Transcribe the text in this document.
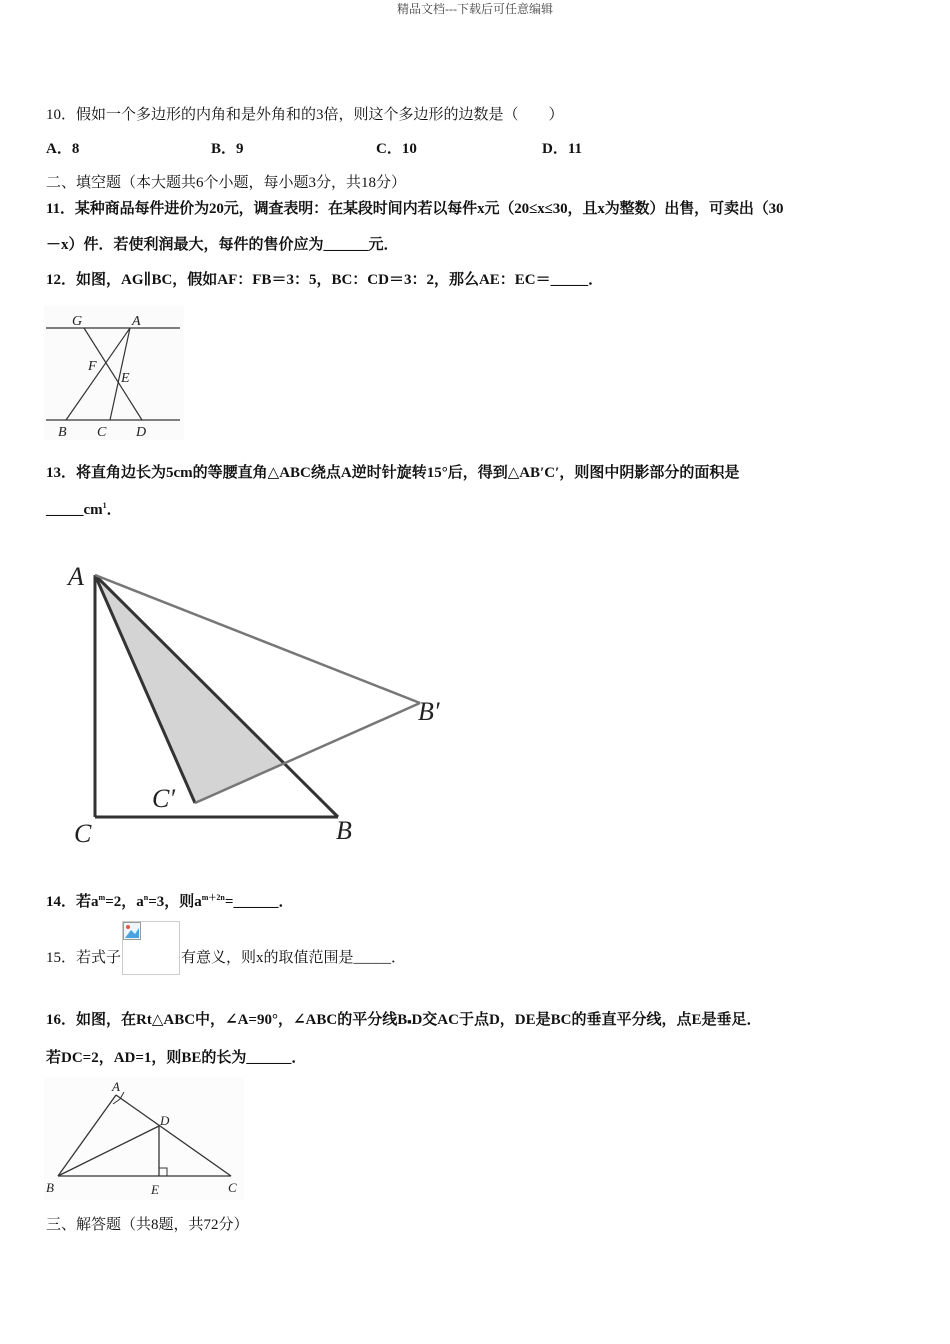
精品文档---下载后可任意编辑
10．假如一个多边形的内角和是外角和的3倍，则这个多边形的边数是（　　）
A．8	B．9	C．10	D．11
二、填空题（本大题共6个小题，每小题3分，共18分）
11．某种商品每件进价为20元，调查表明：在某段时间内若以每件x元（20≤x≤30，且x为整数）出售，可卖出（30
－x）件．若使利润最大，每件的售价应为______元．
12．如图，AG∥BC，假如AF：FB＝3：5，BC：CD＝3：2，那么AE：EC＝_____．
G	A
F
E
B C D
13．将直角边长为5cm的等腰直角△ABC绕点A逆时针旋转15°后，得到△AB′C′，则图中阴影部分的面积是
$\_\_\_\_\_cm^1$．
A
B′
C′
C	B
14．若$a^m=2$，$a^n=3$，则$a^{m+2n}=\_\_\_\_\_\_$．
15．若式子	有意义，则x的取值范围是_____．
16．如图，在Rt△ABC中，∠A=90°，∠ABC的平分线B■D交AC于点D，DE是BC的垂直平分线，点E是垂足．
若DC=2，AD=1，则BE的长为______．
A
D
B	E	C
三、解答题（共8题，共72分）
